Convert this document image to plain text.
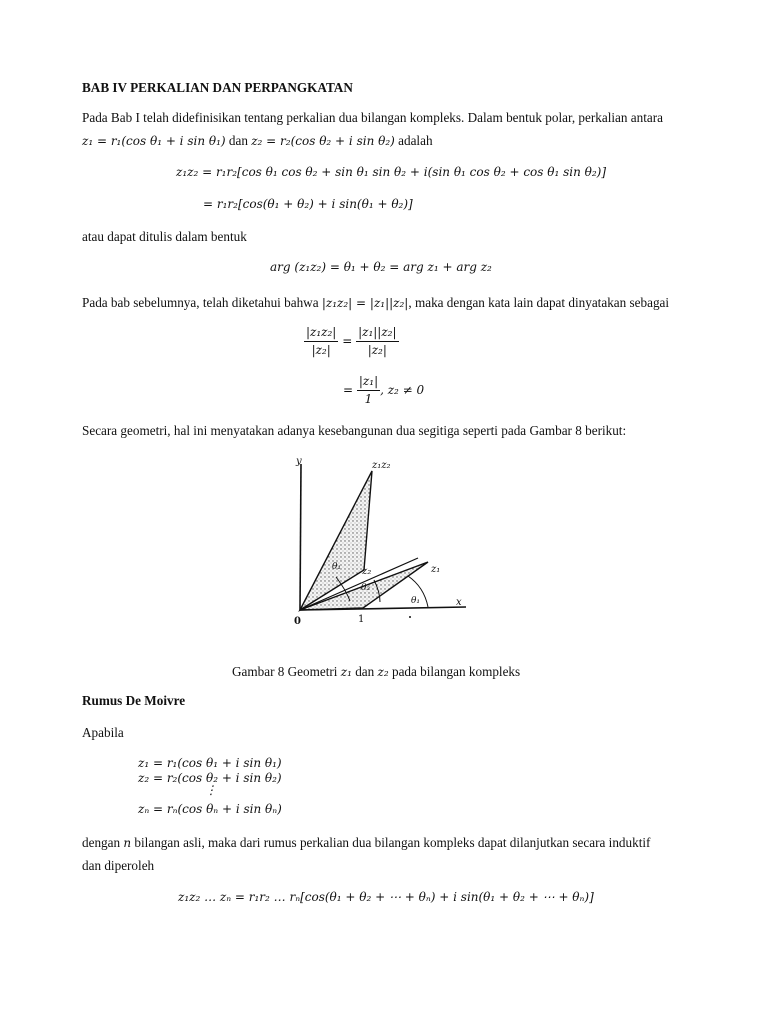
BAB IV PERKALIAN DAN PERPANGKATAN
Pada Bab I telah didefinisikan tentang perkalian dua bilangan kompleks. Dalam bentuk polar, perkalian antara
z₁ = r₁(cos θ₁ + i sin θ₁) dan z₂ = r₂(cos θ₂ + i sin θ₂) adalah
z₁z₂ = r₁r₂[cos θ₁ cos θ₂ + sin θ₁ sin θ₂ + i(sin θ₁ cos θ₂ + cos θ₁ sin θ₂)]
= r₁r₂[cos(θ₁ + θ₂) + i sin(θ₁ + θ₂)]
atau dapat ditulis dalam bentuk
arg (z₁z₂) = θ₁ + θ₂ = arg z₁ + arg z₂
Pada bab sebelumnya, telah diketahui bahwa |z₁z₂| = |z₁||z₂|, maka dengan kata lain dapat dinyatakan sebagai
$\frac{\text{|z₁z₂|}}{\text{|z₂|}} = \frac{\text{|z₁||z₂|}}{\text{|z₂|}}$
= $\frac{\text{|z₁|}}{1}$ , z₂ ≠ 0
Secara geometri, hal ini menyatakan adanya kesebangunan dua segitiga seperti pada Gambar 8 berikut:
y
x
0	1
z₁z₂
z₁
z₂
θ₁
θ₂
θ₁
Gambar 8 Geometri z₁ dan z₂ pada bilangan kompleks
Rumus De Moivre
Apabila
z₁ = r₁(cos θ₁ + i sin θ₁)
z₂ = r₂(cos θ₂ + i sin θ₂)
⋮
zₙ = rₙ(cos θₙ + i sin θₙ)
dengan n bilangan asli, maka dari rumus perkalian dua bilangan kompleks dapat dilanjutkan secara induktif
dan diperoleh
z₁z₂ … zₙ = r₁r₂ … rₙ[cos(θ₁ + θ₂ + ⋯ + θₙ) + i sin(θ₁ + θ₂ + ⋯ + θₙ)]
